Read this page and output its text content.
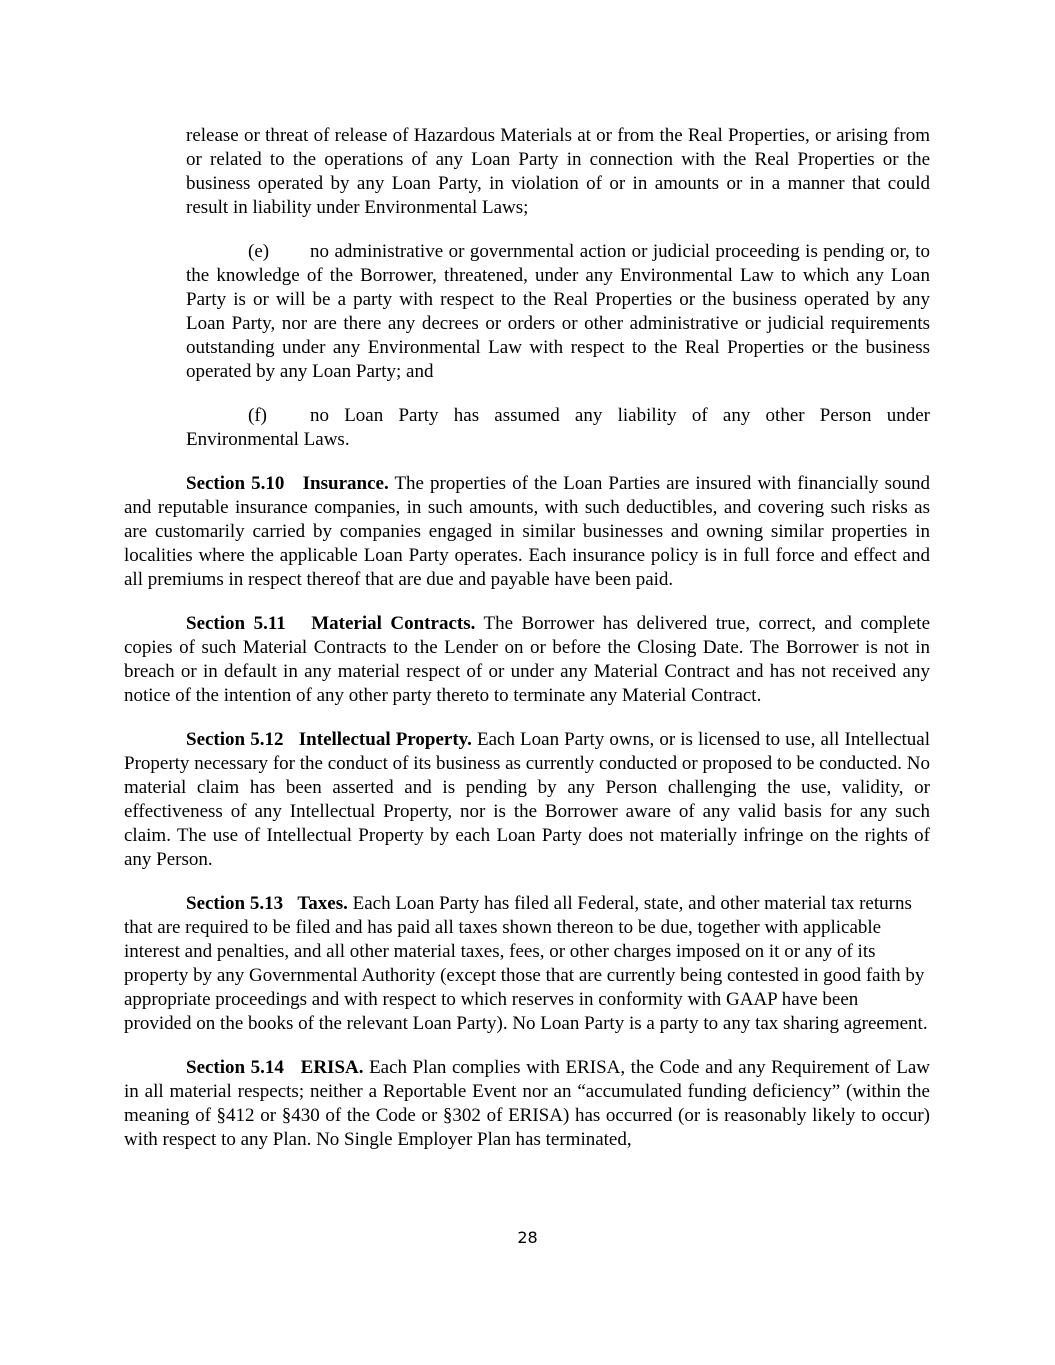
release or threat of release of Hazardous Materials at or from the Real Properties, or arising from or related to the operations of any Loan Party in connection with the Real Properties or the business operated by any Loan Party, in violation of or in amounts or in a manner that could result in liability under Environmental Laws;

(e) no administrative or governmental action or judicial proceeding is pending or, to the knowledge of the Borrower, threatened, under any Environmental Law to which any Loan Party is or will be a party with respect to the Real Properties or the business operated by any Loan Party, nor are there any decrees or orders or other administrative or judicial requirements outstanding under any Environmental Law with respect to the Real Properties or the business operated by any Loan Party; and

(f) no Loan Party has assumed any liability of any other Person under Environmental Laws.

Section 5.10 Insurance. The properties of the Loan Parties are insured with financially sound and reputable insurance companies, in such amounts, with such deductibles, and covering such risks as are customarily carried by companies engaged in similar businesses and owning similar properties in localities where the applicable Loan Party operates. Each insurance policy is in full force and effect and all premiums in respect thereof that are due and payable have been paid.

Section 5.11 Material Contracts. The Borrower has delivered true, correct, and complete copies of such Material Contracts to the Lender on or before the Closing Date. The Borrower is not in breach or in default in any material respect of or under any Material Contract and has not received any notice of the intention of any other party thereto to terminate any Material Contract.

Section 5.12 Intellectual Property. Each Loan Party owns, or is licensed to use, all Intellectual Property necessary for the conduct of its business as currently conducted or proposed to be conducted. No material claim has been asserted and is pending by any Person challenging the use, validity, or effectiveness of any Intellectual Property, nor is the Borrower aware of any valid basis for any such claim. The use of Intellectual Property by each Loan Party does not materially infringe on the rights of any Person.

Section 5.13 Taxes. Each Loan Party has filed all Federal, state, and other material tax returns that are required to be filed and has paid all taxes shown thereon to be due, together with applicable interest and penalties, and all other material taxes, fees, or other charges imposed on it or any of its property by any Governmental Authority (except those that are currently being contested in good faith by appropriate proceedings and with respect to which reserves in conformity with GAAP have been provided on the books of the relevant Loan Party). No Loan Party is a party to any tax sharing agreement.

Section 5.14 ERISA. Each Plan complies with ERISA, the Code and any Requirement of Law in all material respects; neither a Reportable Event nor an “accumulated funding deficiency” (within the meaning of §412 or §430 of the Code or §302 of ERISA) has occurred (or is reasonably likely to occur) with respect to any Plan. No Single Employer Plan has terminated,

28
